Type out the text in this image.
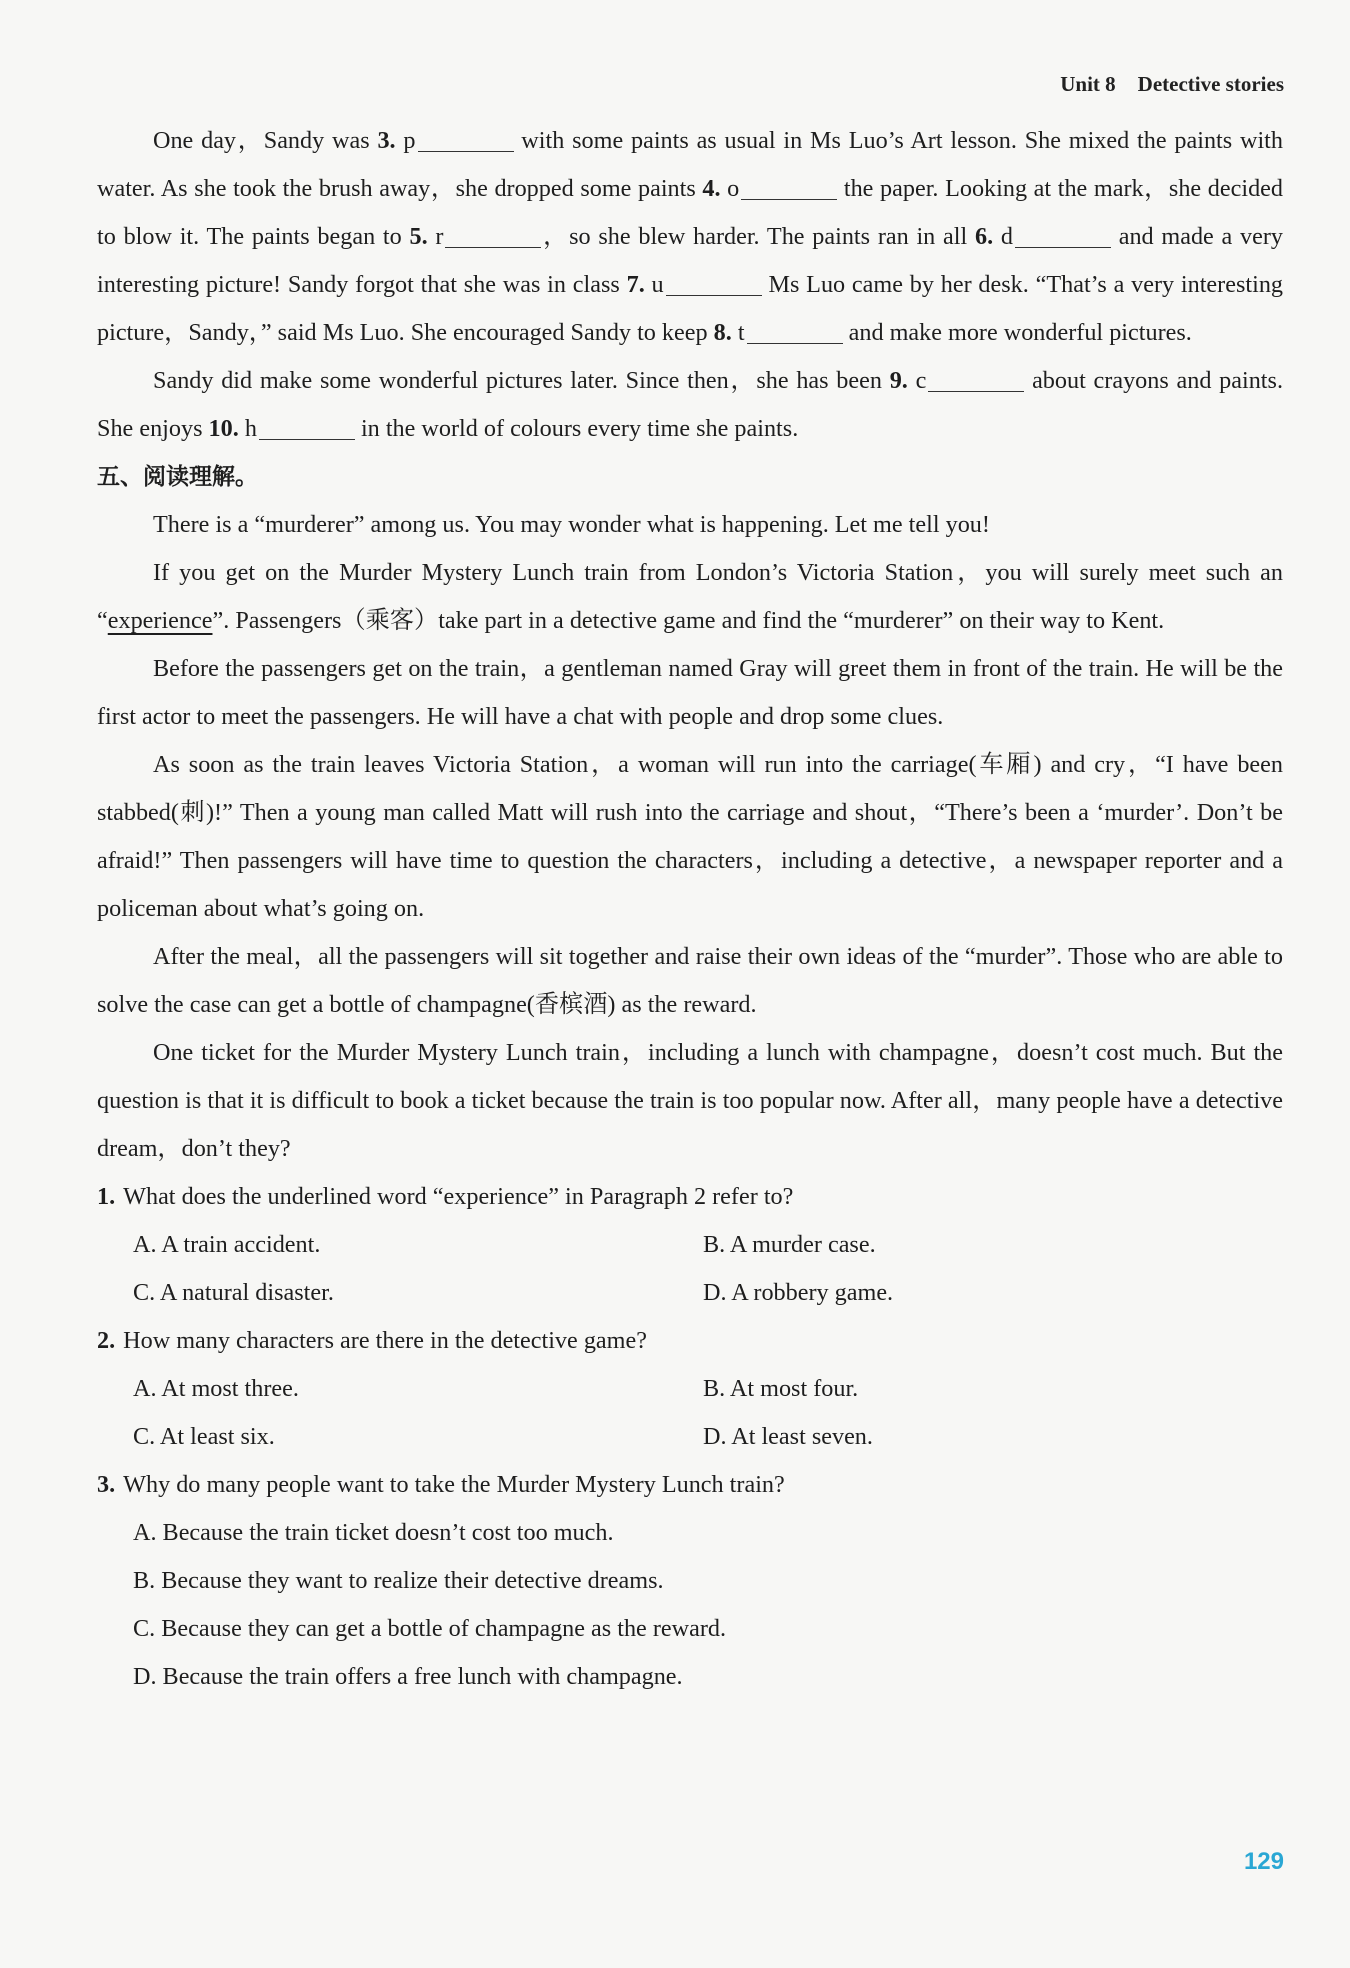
Unit 8 Detective stories

One day，Sandy was 3. p	with some paints as usual in Ms Luo’s Art lesson. She mixed the paints with water. As she took the brush away，she dropped some paints 4. o	the paper. Looking at the mark，she decided to blow it. The paints began to 5. r	，so she blew harder. The paints ran in all 6. d	and made a very interesting picture! Sandy forgot that she was in class 7. u	Ms Luo came by her desk. “That’s a very interesting picture，Sandy，” said Ms Luo. She encouraged Sandy to keep 8. t	and make more wonderful pictures.

Sandy did make some wonderful pictures later. Since then，she has been 9. c	about crayons and paints. She enjoys 10. h	in the world of colours every time she paints.

五、阅读理解。

There is a “murderer” among us. You may wonder what is happening. Let me tell you!

If you get on the Murder Mystery Lunch train from London’s Victoria Station，you will surely meet such an “experience”. Passengers（乘客）take part in a detective game and find the “murderer” on their way to Kent.

Before the passengers get on the train，a gentleman named Gray will greet them in front of the train. He will be the first actor to meet the passengers. He will have a chat with people and drop some clues.

As soon as the train leaves Victoria Station，a woman will run into the carriage(车厢) and cry，“I have been stabbed(刺)!” Then a young man called Matt will rush into the carriage and shout，“There’s been a ‘murder’. Don’t be afraid!” Then passengers will have time to question the characters，including a detective，a newspaper reporter and a policeman about what’s going on.

After the meal，all the passengers will sit together and raise their own ideas of the “murder”. Those who are able to solve the case can get a bottle of champagne(香槟酒) as the reward.

One ticket for the Murder Mystery Lunch train，including a lunch with champagne，doesn’t cost much. But the question is that it is difficult to book a ticket because the train is too popular now. After all，many people have a detective dream，don’t they?

1. What does the underlined word “experience” in Paragraph 2 refer to?

A. A train accident.	B. A murder case.
C. A natural disaster.	D. A robbery game.

2. How many characters are there in the detective game?

A. At most three.	B. At most four.
C. At least six.	D. At least seven.

3. Why do many people want to take the Murder Mystery Lunch train?

A. Because the train ticket doesn’t cost too much.
B. Because they want to realize their detective dreams.
C. Because they can get a bottle of champagne as the reward.
D. Because the train offers a free lunch with champagne.
129
